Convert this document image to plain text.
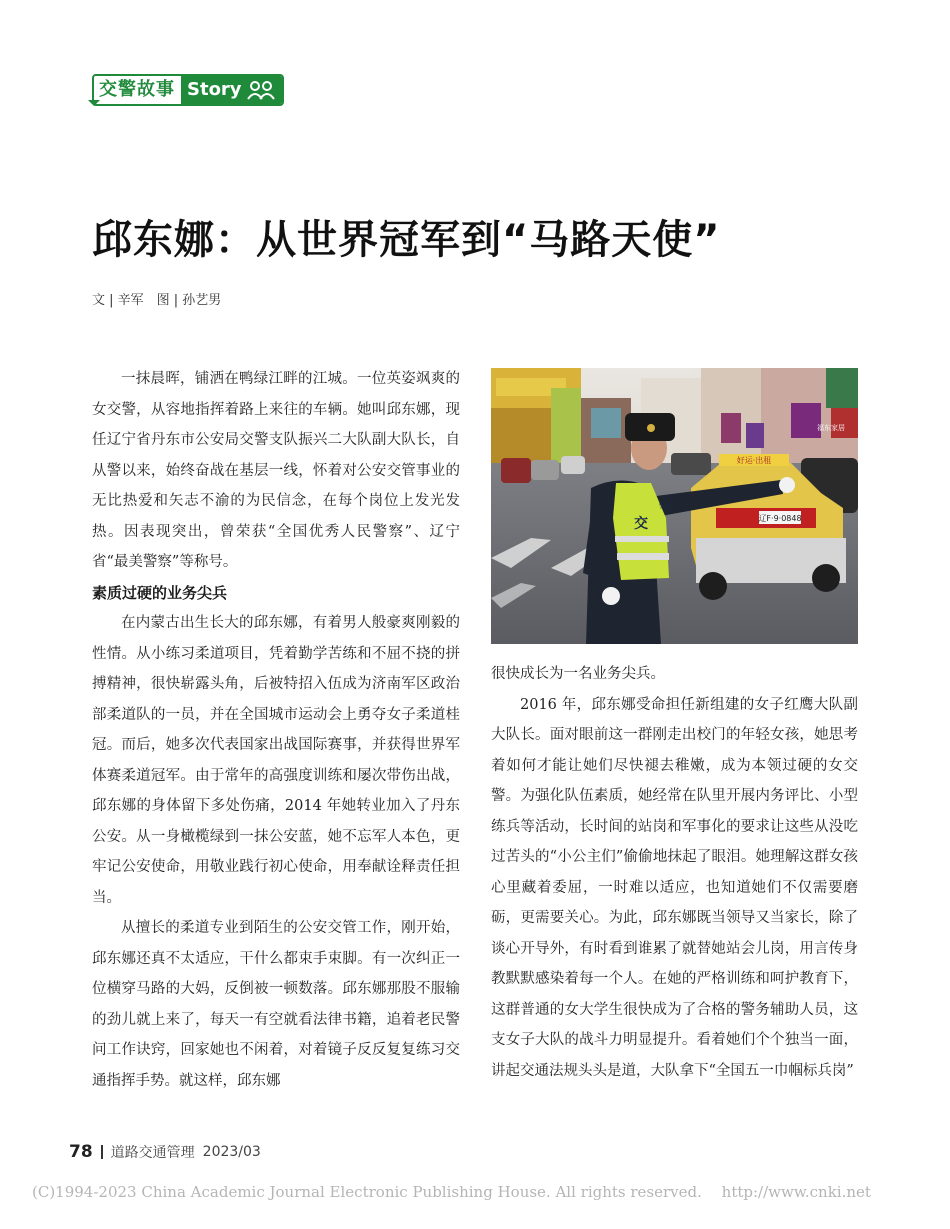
交警故事 Story
邱东娜：从世界冠军到“马路天使”
文 | 辛军　图 | 孙艺男

一抹晨晖，铺洒在鸭绿江畔的江城。一位英姿飒爽的女交警，从容地指挥着路上来往的车辆。她叫邱东娜，现任辽宁省丹东市公安局交警支队振兴二大队副大队长，自从警以来，始终奋战在基层一线，怀着对公安交管事业的无比热爱和矢志不渝的为民信念，在每个岗位上发光发热。因表现突出，曾荣获“全国优秀人民警察”、辽宁省“最美警察”等称号。

素质过硬的业务尖兵

在内蒙古出生长大的邱东娜，有着男人般豪爽刚毅的性情。从小练习柔道项目，凭着勤学苦练和不屈不挠的拼搏精神，很快崭露头角，后被特招入伍成为济南军区政治部柔道队的一员，并在全国城市运动会上勇夺女子柔道桂冠。而后，她多次代表国家出战国际赛事，并获得世界军体赛柔道冠军。由于常年的高强度训练和屡次带伤出战，邱东娜的身体留下多处伤痛，2014 年她转业加入了丹东公安。从一身橄榄绿到一抹公安蓝，她不忘军人本色，更牢记公安使命，用敬业践行初心使命，用奉献诠释责任担当。

从擅长的柔道专业到陌生的公安交管工作，刚开始，邱东娜还真不太适应，干什么都束手束脚。有一次纠正一位横穿马路的大妈，反倒被一顿数落。邱东娜那股不服输的劲儿就上来了，每天一有空就看法律书籍，追着老民警问工作诀窍，回家她也不闲着，对着镜子反反复复练习交通指挥手势。就这样，邱东娜

辽F·9·0848
好运·出租
福东家居
交
警察

很快成长为一名业务尖兵。

2016 年，邱东娜受命担任新组建的女子红鹰大队副大队长。面对眼前这一群刚走出校门的年轻女孩，她思考着如何才能让她们尽快褪去稚嫩，成为本领过硬的女交警。为强化队伍素质，她经常在队里开展内务评比、小型练兵等活动，长时间的站岗和军事化的要求让这些从没吃过苦头的“小公主们”偷偷地抹起了眼泪。她理解这群女孩心里藏着委屈，一时难以适应，也知道她们不仅需要磨砺，更需要关心。为此，邱东娜既当领导又当家长，除了谈心开导外，有时看到谁累了就替她站会儿岗，用言传身教默默感染着每一个人。在她的严格训练和呵护教育下，这群普通的女大学生很快成为了合格的警务辅助人员，这支女子大队的战斗力明显提升。看着她们个个独当一面，讲起交通法规头头是道，大队拿下“全国五一巾帼标兵岗”

78 道路交通管理 2023/03
(C)1994-2023 China Academic Journal Electronic Publishing House. All rights reserved.　 http://www.cnki.net
